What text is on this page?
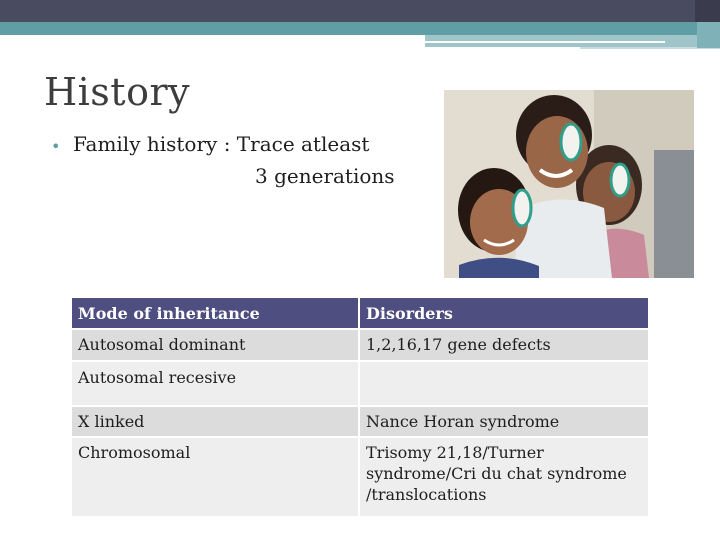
History
• Family history : Trace atleast
3 generations
Mode of inheritance	Disorders
Autosomal dominant	1,2,16,17 gene defects
Autosomal recesive
X linked	Nance Horan syndrome
Chromosomal	Trisomy 21,18/Turner syndrome/Cri du chat syndrome /translocations
